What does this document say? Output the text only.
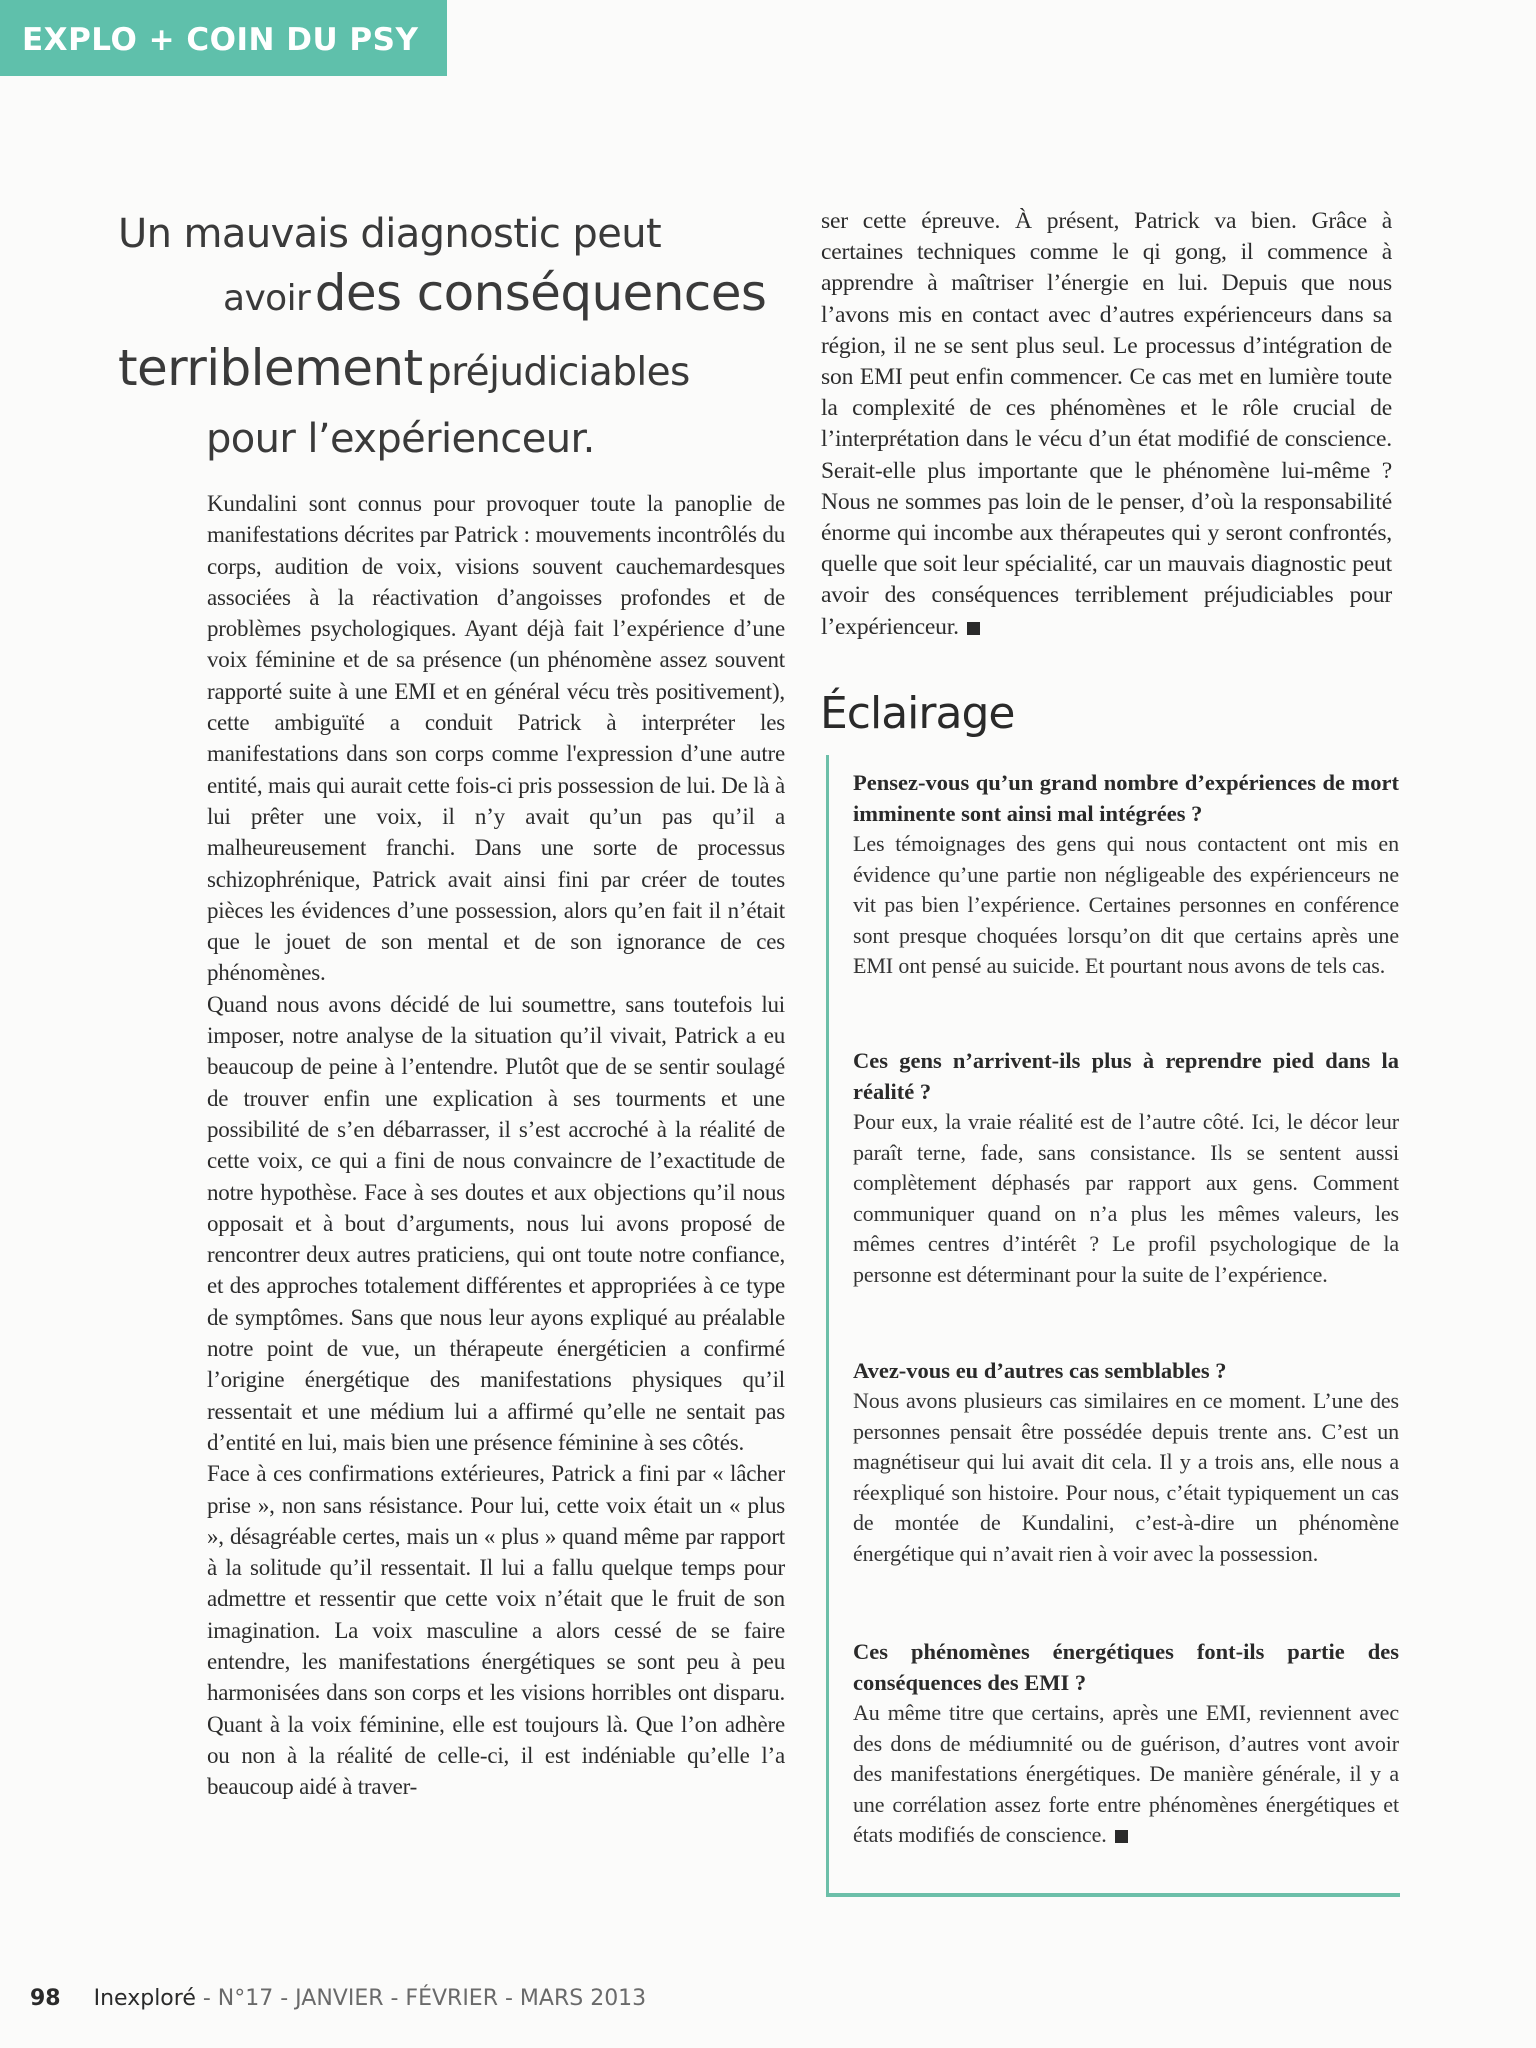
EXPLO + COIN DU PSY
Un mauvais diagnostic peut
avoir des conséquences
terriblement préjudiciables
pour l’expérienceur.

Kundalini sont connus pour provoquer toute la panoplie de manifestations décrites par Patrick : mouvements incontrôlés du corps, audition de voix, visions souvent cauchemardesques associées à la réactivation d’angoisses profondes et de problèmes psychologiques. Ayant déjà fait l’expérience d’une voix féminine et de sa présence (un phénomène assez souvent rapporté suite à une EMI et en général vécu très positivement), cette ambiguïté a conduit Patrick à interpréter les manifestations dans son corps comme l'expression d’une autre entité, mais qui aurait cette fois-ci pris possession de lui. De là à lui prêter une voix, il n’y avait qu’un pas qu’il a malheureusement franchi. Dans une sorte de processus schizophrénique, Patrick avait ainsi fini par créer de toutes pièces les évidences d’une possession, alors qu’en fait il n’était que le jouet de son mental et de son ignorance de ces phénomènes.

Quand nous avons décidé de lui soumettre, sans toutefois lui imposer, notre analyse de la situation qu’il vivait, Patrick a eu beaucoup de peine à l’entendre. Plutôt que de se sentir soulagé de trouver enfin une explication à ses tourments et une possibilité de s’en débarrasser, il s’est accroché à la réalité de cette voix, ce qui a fini de nous convaincre de l’exactitude de notre hypothèse. Face à ses doutes et aux objections qu’il nous opposait et à bout d’arguments, nous lui avons proposé de rencontrer deux autres praticiens, qui ont toute notre confiance, et des approches totalement différentes et appropriées à ce type de symptômes. Sans que nous leur ayons expliqué au préalable notre point de vue, un thérapeute énergéticien a confirmé l’origine énergétique des manifestations physiques qu’il ressentait et une médium lui a affirmé qu’elle ne sentait pas d’entité en lui, mais bien une présence féminine à ses côtés.

Face à ces confirmations extérieures, Patrick a fini par « lâcher prise », non sans résistance. Pour lui, cette voix était un « plus », désagréable certes, mais un « plus » quand même par rapport à la solitude qu’il ressentait. Il lui a fallu quelque temps pour admettre et ressentir que cette voix n’était que le fruit de son imagination. La voix masculine a alors cessé de se faire entendre, les manifestations énergétiques se sont peu à peu harmonisées dans son corps et les visions horribles ont disparu. Quant à la voix féminine, elle est toujours là. Que l’on adhère ou non à la réalité de celle-ci, il est indéniable qu’elle l’a beaucoup aidé à traver-

ser cette épreuve. À présent, Patrick va bien. Grâce à certaines techniques comme le qi gong, il commence à apprendre à maîtriser l’énergie en lui. Depuis que nous l’avons mis en contact avec d’autres expérienceurs dans sa région, il ne se sent plus seul. Le processus d’intégration de son EMI peut enfin commencer. Ce cas met en lumière toute la complexité de ces phénomènes et le rôle crucial de l’interprétation dans le vécu d’un état modifié de conscience. Serait-elle plus importante que le phénomène lui-même ? Nous ne sommes pas loin de le penser, d’où la responsabilité énorme qui incombe aux thérapeutes qui y seront confrontés, quelle que soit leur spécialité, car un mauvais diagnostic peut avoir des conséquences terriblement préjudiciables pour l’expérienceur.

Éclairage

Pensez-vous qu’un grand nombre d’expériences de mort imminente sont ainsi mal intégrées ?

Les témoignages des gens qui nous contactent ont mis en évidence qu’une partie non négligeable des expérienceurs ne vit pas bien l’expérience. Certaines personnes en conférence sont presque choquées lorsqu’on dit que certains après une EMI ont pensé au suicide. Et pourtant nous avons de tels cas.

Ces gens n’arrivent-ils plus à reprendre pied dans la réalité ?

Pour eux, la vraie réalité est de l’autre côté. Ici, le décor leur paraît terne, fade, sans consistance. Ils se sentent aussi complètement déphasés par rapport aux gens. Comment communiquer quand on n’a plus les mêmes valeurs, les mêmes centres d’intérêt ? Le profil psychologique de la personne est déterminant pour la suite de l’expérience.

Avez-vous eu d’autres cas semblables ?

Nous avons plusieurs cas similaires en ce moment. L’une des personnes pensait être possédée depuis trente ans. C’est un magnétiseur qui lui avait dit cela. Il y a trois ans, elle nous a réexpliqué son histoire. Pour nous, c’était typiquement un cas de montée de Kundalini, c’est-à-dire un phénomène énergétique qui n’avait rien à voir avec la possession.

Ces phénomènes énergétiques font-ils partie des conséquences des EMI ?

Au même titre que certains, après une EMI, reviennent avec des dons de médiumnité ou de guérison, d’autres vont avoir des manifestations énergétiques. De manière générale, il y a une corrélation assez forte entre phénomènes énergétiques et états modifiés de conscience.

98 Inexploré - N°17 - JANVIER - FÉVRIER - MARS 2013
